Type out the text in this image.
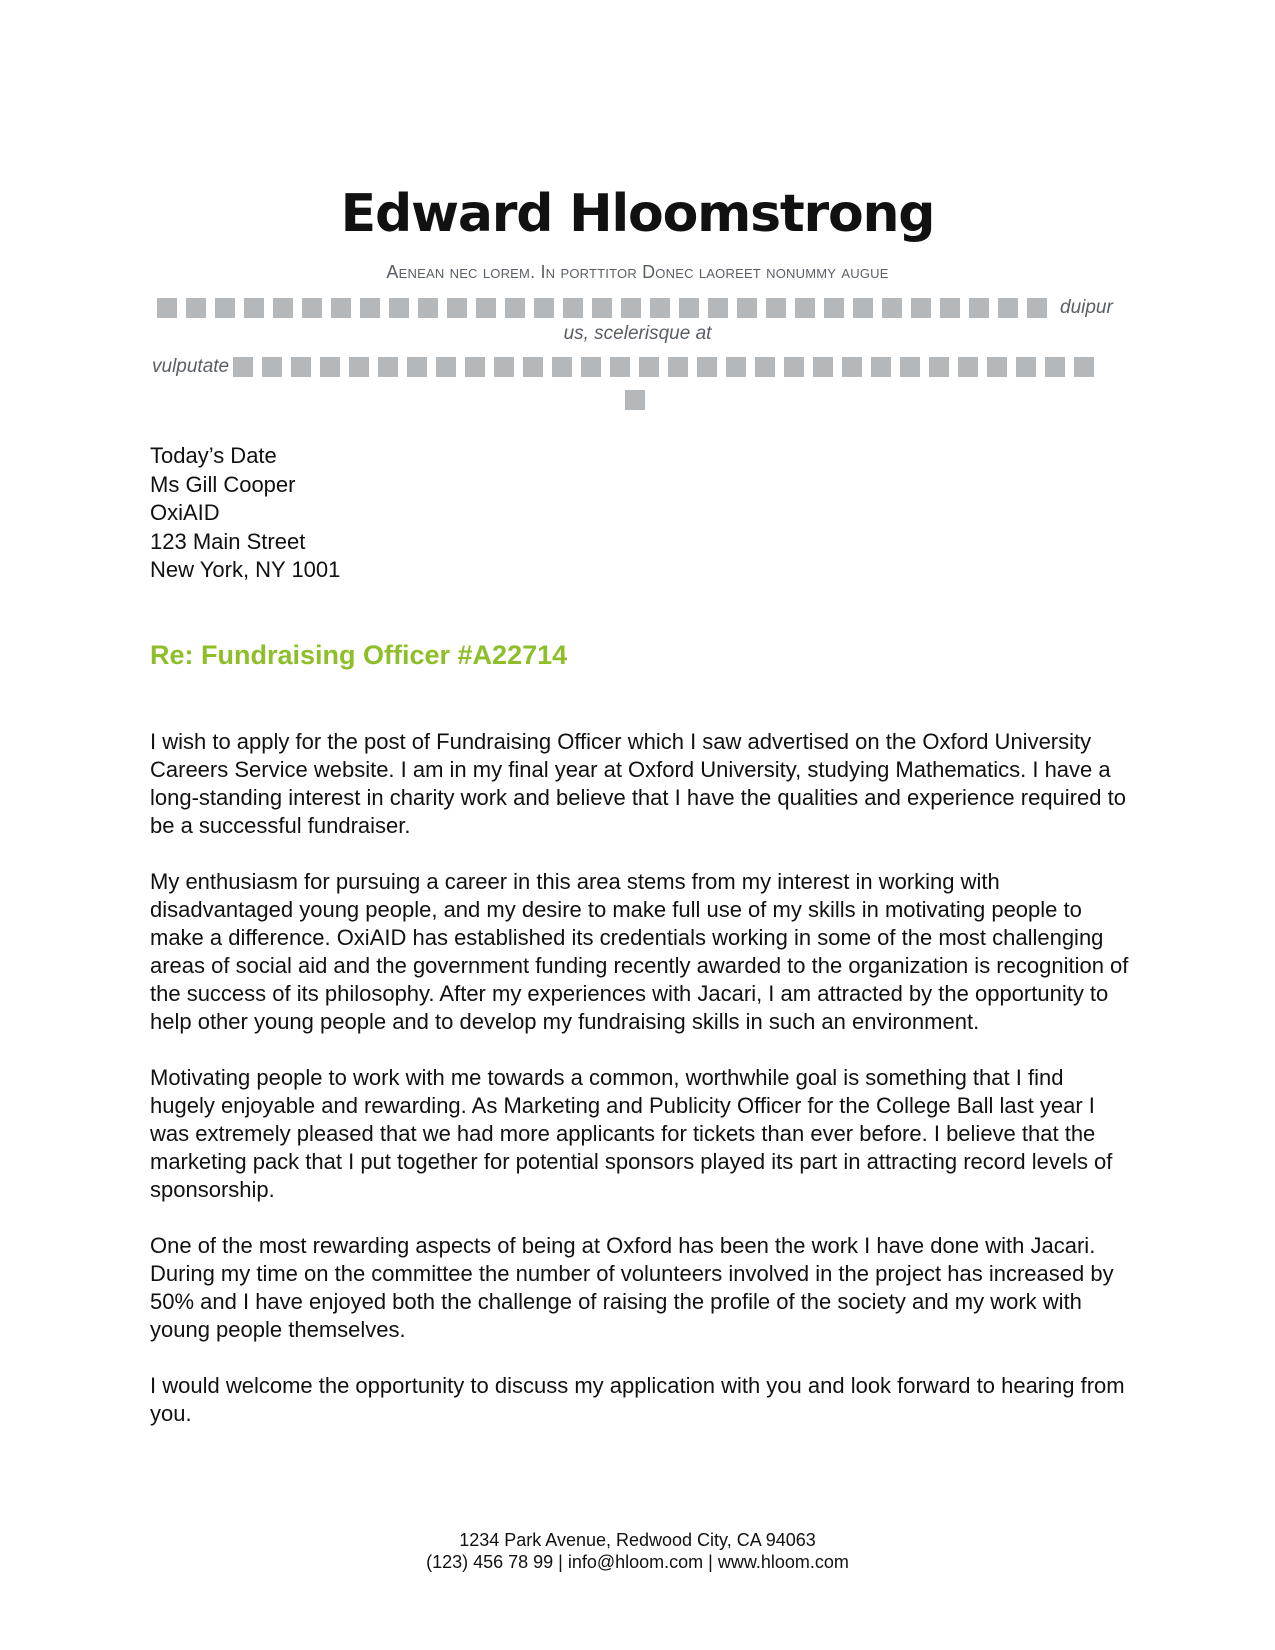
Edward Hloomstrong
Aenean nec lorem. In porttitor Donec laoreet nonummy augue
duipur
us, scelerisque at
vulputate
Today’s Date
Ms Gill Cooper
OxiAID
123 Main Street
New York, NY 1001
Re: Fundraising Officer #A22714

I wish to apply for the post of Fundraising Officer which I saw advertised on the Oxford University Careers Service website. I am in my final year at Oxford University, studying Mathematics. I have a long-standing interest in charity work and believe that I have the qualities and experience required to be a successful fundraiser.

My enthusiasm for pursuing a career in this area stems from my interest in working with disadvantaged young people, and my desire to make full use of my skills in motivating people to make a difference. OxiAID has established its credentials working in some of the most challenging areas of social aid and the government funding recently awarded to the organization is recognition of the success of its philosophy. After my experiences with Jacari, I am attracted by the opportunity to help other young people and to develop my fundraising skills in such an environment.

Motivating people to work with me towards a common, worthwhile goal is something that I find hugely enjoyable and rewarding. As Marketing and Publicity Officer for the College Ball last year I was extremely pleased that we had more applicants for tickets than ever before. I believe that the marketing pack that I put together for potential sponsors played its part in attracting record levels of sponsorship.

One of the most rewarding aspects of being at Oxford has been the work I have done with Jacari. During my time on the committee the number of volunteers involved in the project has increased by 50% and I have enjoyed both the challenge of raising the profile of the society and my work with young people themselves.

I would welcome the opportunity to discuss my application with you and look forward to hearing from you.

1234 Park Avenue, Redwood City, CA 94063
(123) 456 78 99 | info@hloom.com | www.hloom.com
